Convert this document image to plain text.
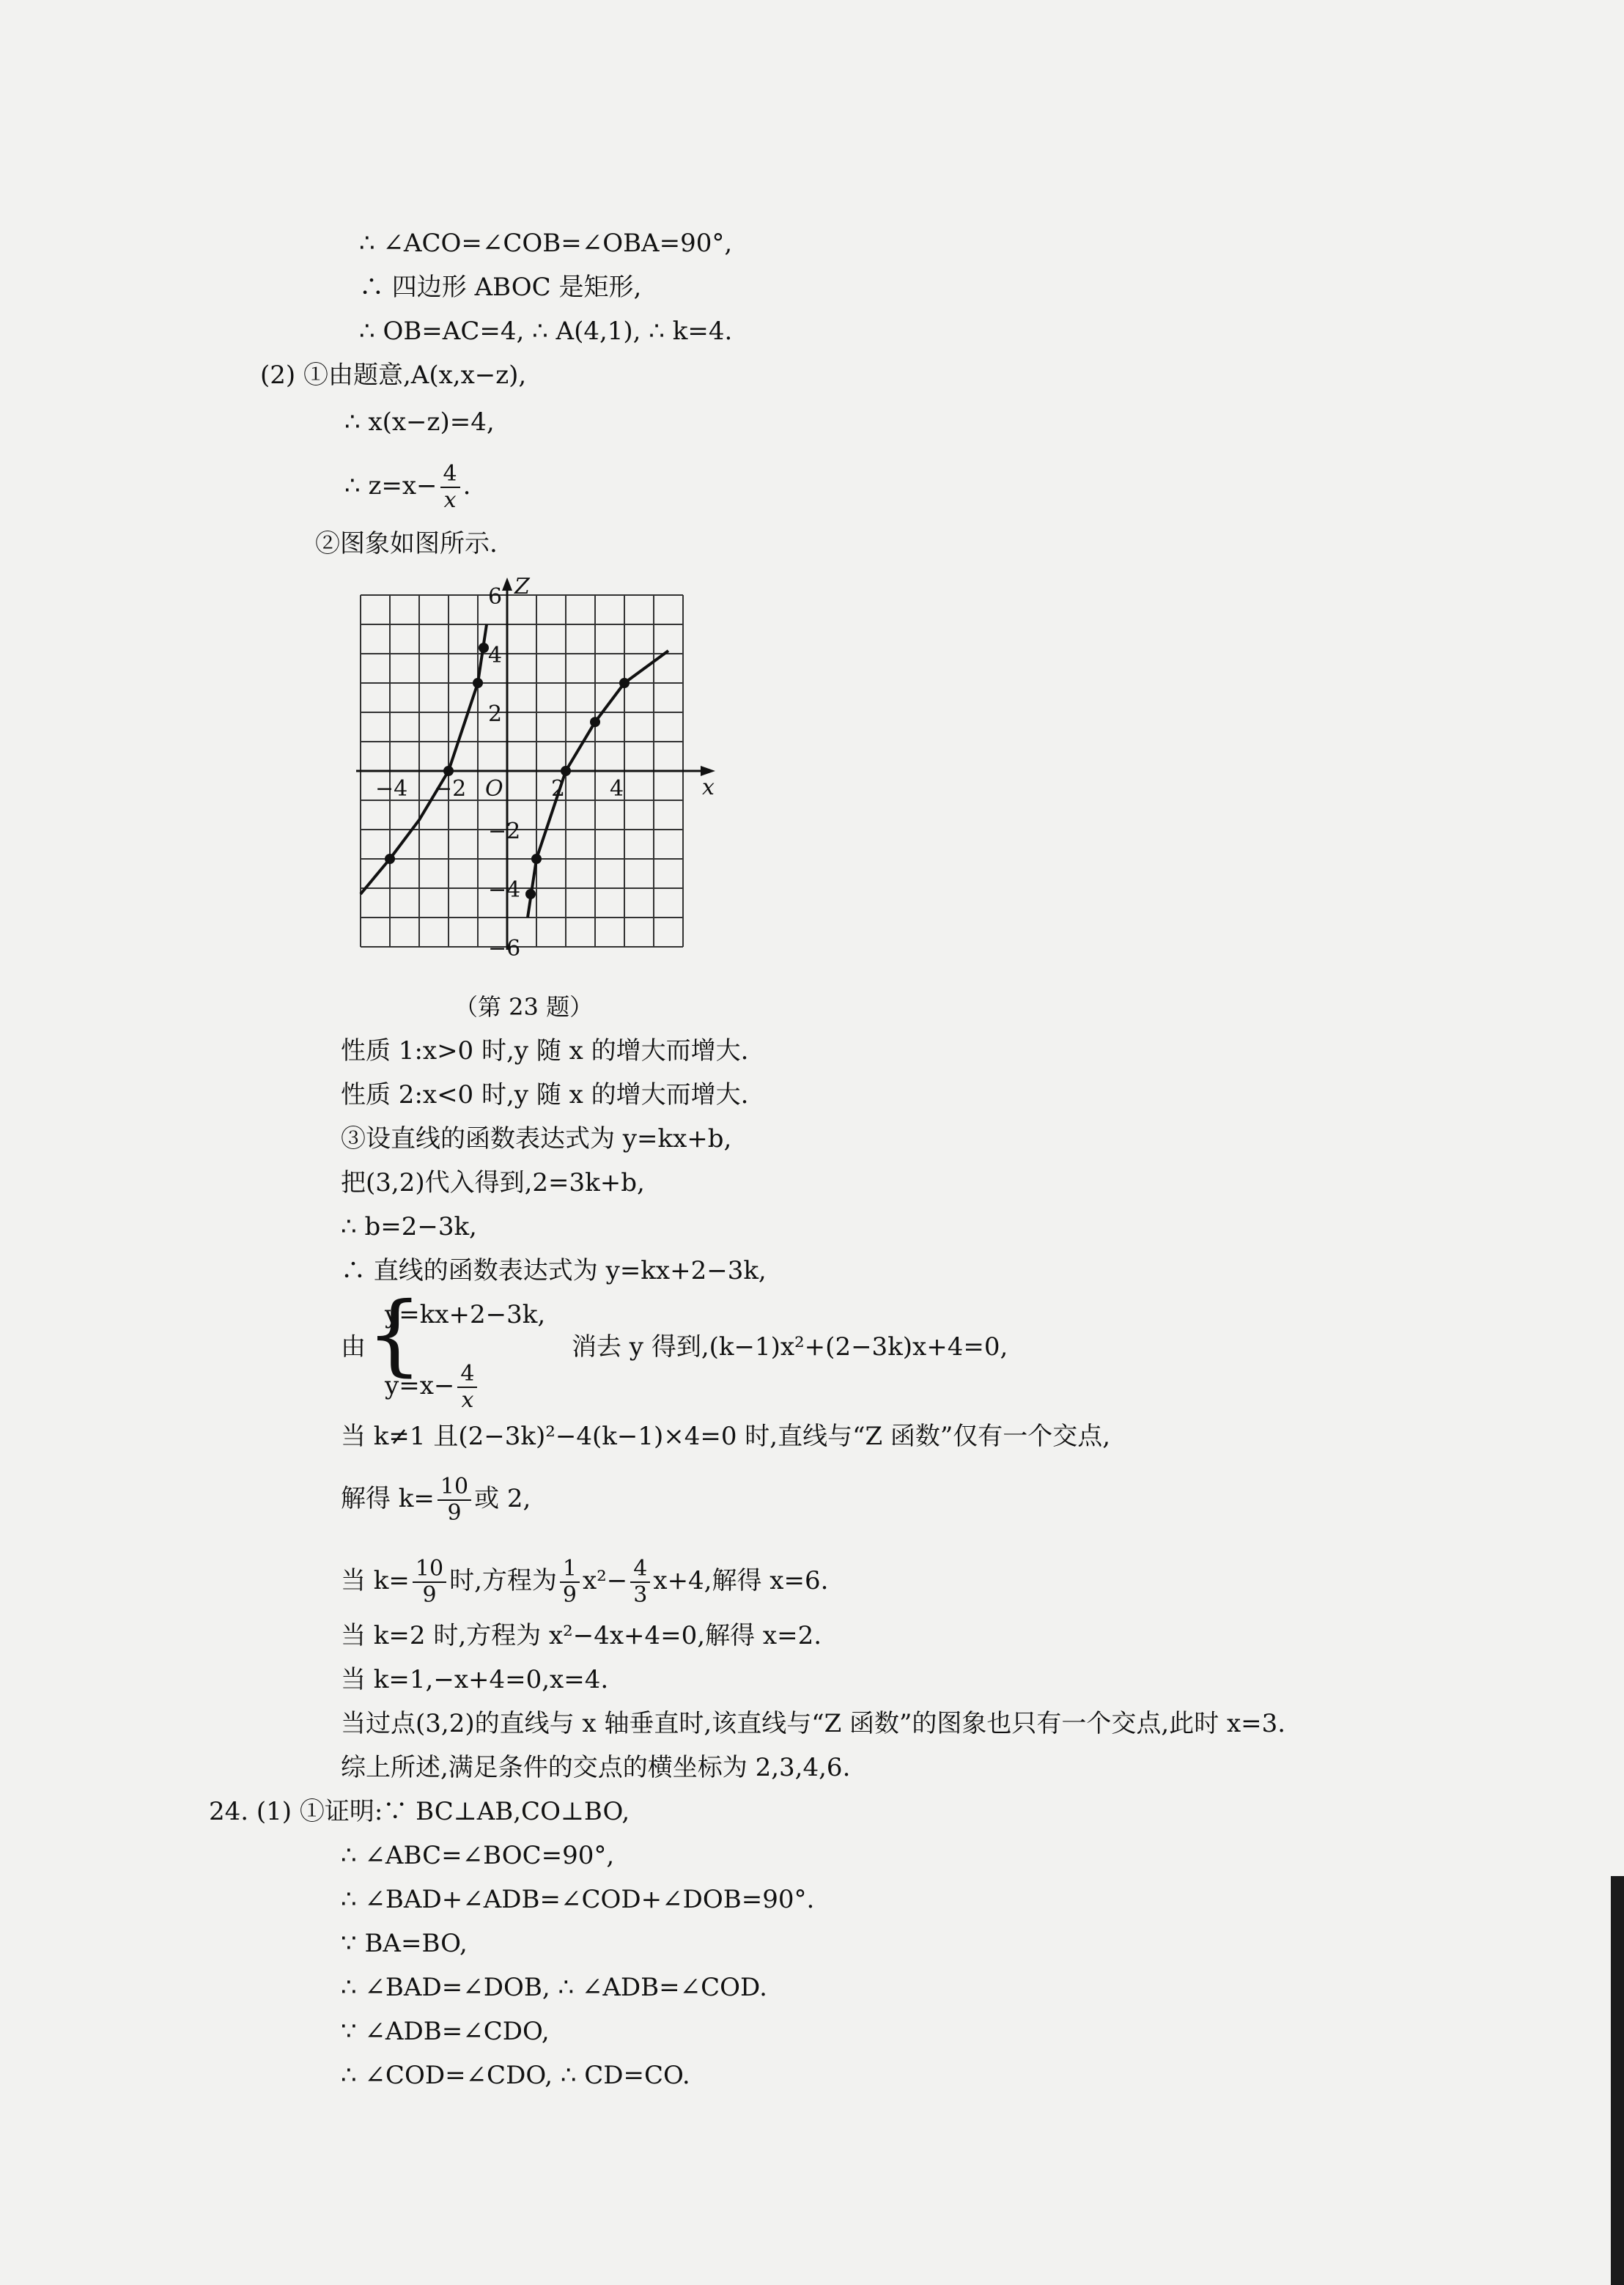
∴ ∠ACO=∠COB=∠OBA=90°,
∴ 四边形 ABOC 是矩形,
∴ OB=AC=4, ∴ A(4,1), ∴ k=4.
(2) ①由题意,A(x,x−z),
∴ x(x−z)=4,
∴ $z=x- \frac{4}{x}$ .
②图象如图所示.
−4 −2	2 4
6
4
2
−2
−4
−6
O	x
Z
（第 23 题）
性质 1:x>0 时,y 随 x 的增大而增大.
性质 2:x<0 时,y 随 x 的增大而增大.
③设直线的函数表达式为 y=kx+b,
把(3,2)代入得到,2=3k+b,
∴ b=2−3k,
∴ 直线的函数表达式为 y=kx+2−3k,
由 {
y=kx+2−3k,
$y=x- \frac{4}{x}$
消去 y 得到,(k−1)x²+(2−3k)x+4=0,
当 k≠1 且(2−3k)²−4(k−1)×4=0 时,直线与“Z 函数”仅有一个交点,
解得 $k= \frac{10}{9}$ 或 2,
当 $k= \frac{10}{9}$ 时,方程为 $\frac{1}{9} x^2- \frac{4}{3} x+4$,解得 x=6.
当 k=2 时,方程为 x²−4x+4=0,解得 x=2.
当 k=1,−x+4=0,x=4.
当过点(3,2)的直线与 x 轴垂直时,该直线与“Z 函数”的图象也只有一个交点,此时 x=3.
综上所述,满足条件的交点的横坐标为 2,3,4,6.
24. (1) ①证明:∵ BC⊥AB,CO⊥BO,
∴ ∠ABC=∠BOC=90°,
∴ ∠BAD+∠ADB=∠COD+∠DOB=90°.
∵ BA=BO,
∴ ∠BAD=∠DOB, ∴ ∠ADB=∠COD.
∵ ∠ADB=∠CDO,
∴ ∠COD=∠CDO, ∴ CD=CO.
